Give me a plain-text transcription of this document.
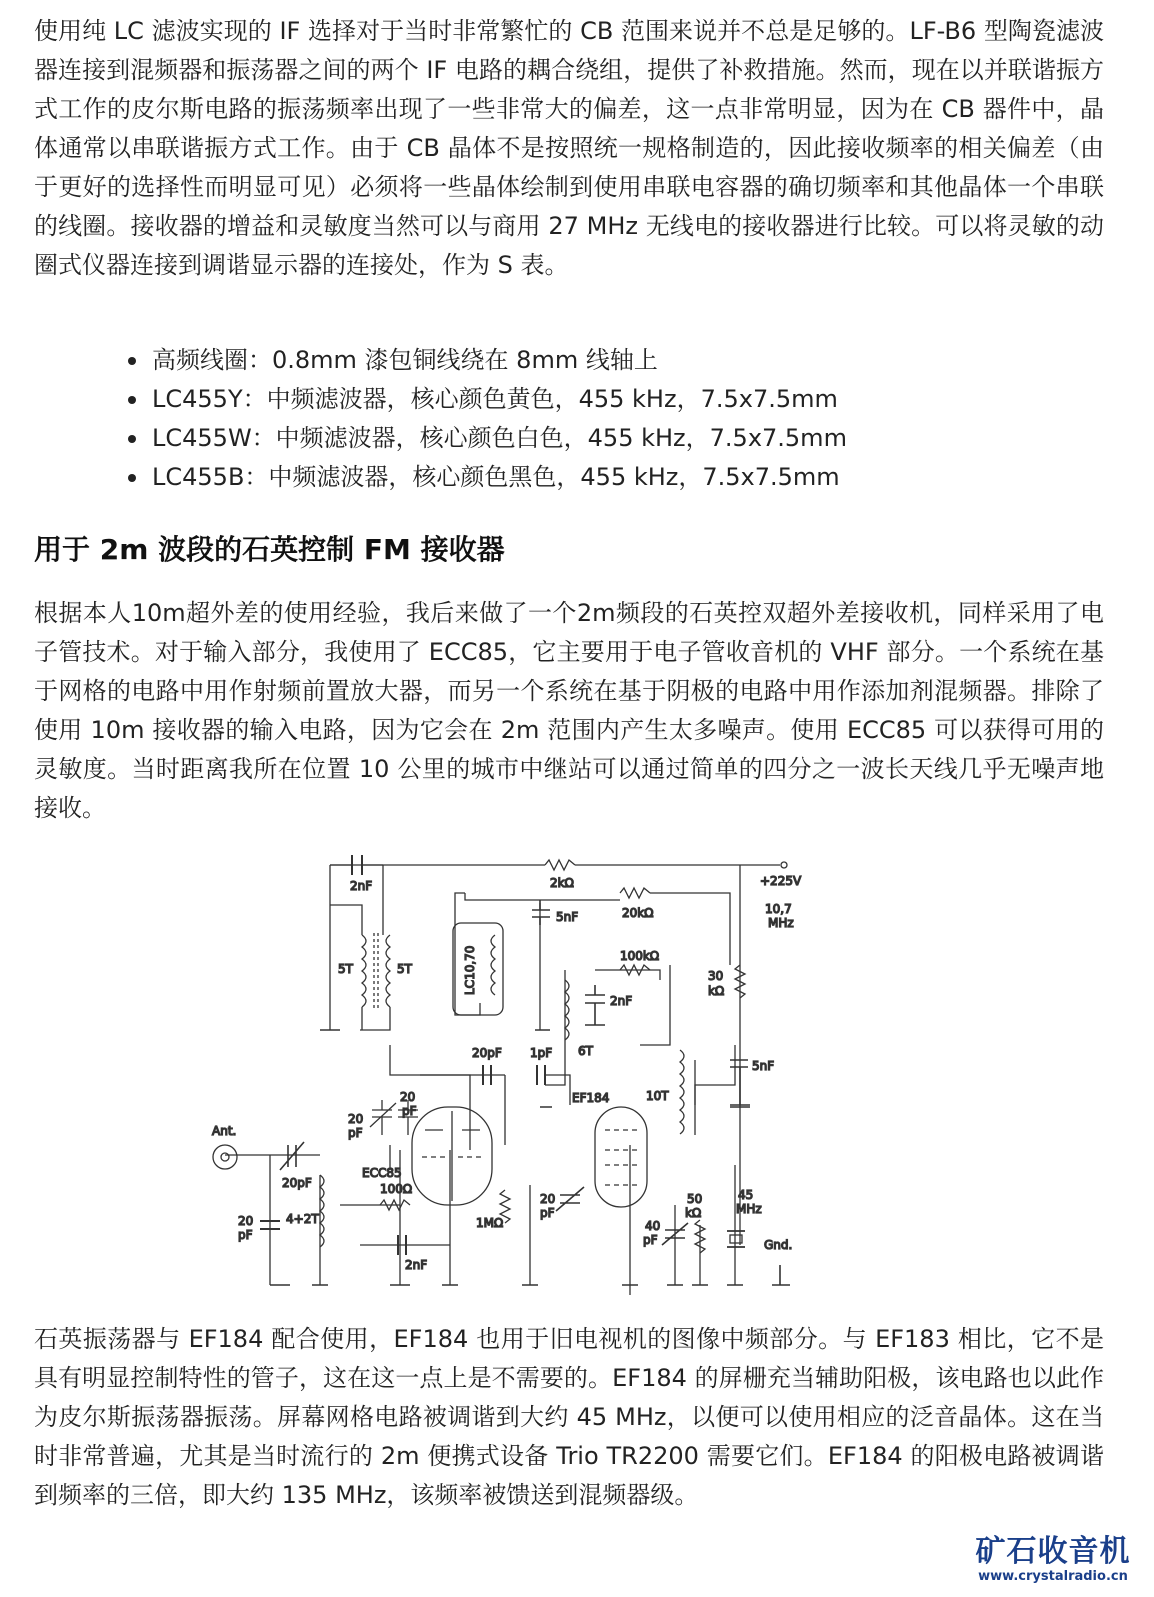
使用纯 LC 滤波实现的 IF 选择对于当时非常繁忙的 CB 范围来说并不总是足够的。LF-B6 型陶瓷滤波器连接到混频器和振荡器之间的两个 IF 电路的耦合绕组，提供了补救措施。然而，现在以并联谐振方式工作的皮尔斯电路的振荡频率出现了一些非常大的偏差，这一点非常明显，因为在 CB 器件中，晶体通常以串联谐振方式工作。由于 CB 晶体不是按照统一规格制造的，因此接收频率的相关偏差（由于更好的选择性而明显可见）必须将一些晶体绘制到使用串联电容器的确切频率和其他晶体一个串联的线圈。接收器的增益和灵敏度当然可以与商用 27 MHz 无线电的接收器进行比较。可以将灵敏的动圈式仪器连接到调谐显示器的连接处，作为 S 表。

高频线圈：0.8mm 漆包铜线绕在 8mm 线轴上
LC455Y：中频滤波器，核心颜色黄色，455 kHz，7.5x7.5mm
LC455W：中频滤波器，核心颜色白色，455 kHz，7.5x7.5mm
LC455B：中频滤波器，核心颜色黑色，455 kHz，7.5x7.5mm
用于 2m 波段的石英控制 FM 接收器

根据本人10m超外差的使用经验，我后来做了一个2m频段的石英控双超外差接收机，同样采用了电子管技术。对于输入部分，我使用了 ECC85，它主要用于电子管收音机的 VHF 部分。一个系统在基于网格的电路中用作射频前置放大器，而另一个系统在基于阴极的电路中用作添加剂混频器。排除了使用 10m 接收器的输入电路，因为它会在 2m 范围内产生太多噪声。使用 ECC85 可以获得可用的灵敏度。当时距离我所在位置 10 公里的城市中继站可以通过简单的四分之一波长天线几乎无噪声地接收。

2nF	2kΩ	+225V
5nF	20kΩ	10,7
MHz
5T	5T	LC10,70	100kΩ
2nF
6T
30
kΩ
20pF 1pF
5nF
10T
EF184
ECC85
20
pF
20
pF
Ant.
20pF
4+2T
20
pF
100Ω
2nF
1MΩ
20
pF
40
pF
50
kΩ
45
MHz
Gnd.

石英振荡器与 EF184 配合使用，EF184 也用于旧电视机的图像中频部分。与 EF183 相比，它不是具有明显控制特性的管子，这在这一点上是不需要的。EF184 的屏栅充当辅助阳极，该电路也以此作为皮尔斯振荡器振荡。屏幕网格电路被调谐到大约 45 MHz，以便可以使用相应的泛音晶体。这在当时非常普遍，尤其是当时流行的 2m 便携式设备 Trio TR2200 需要它们。EF184 的阳极电路被调谐到频率的三倍，即大约 135 MHz，该频率被馈送到混频器级。

矿石收音机
www.crystalradio.cn
